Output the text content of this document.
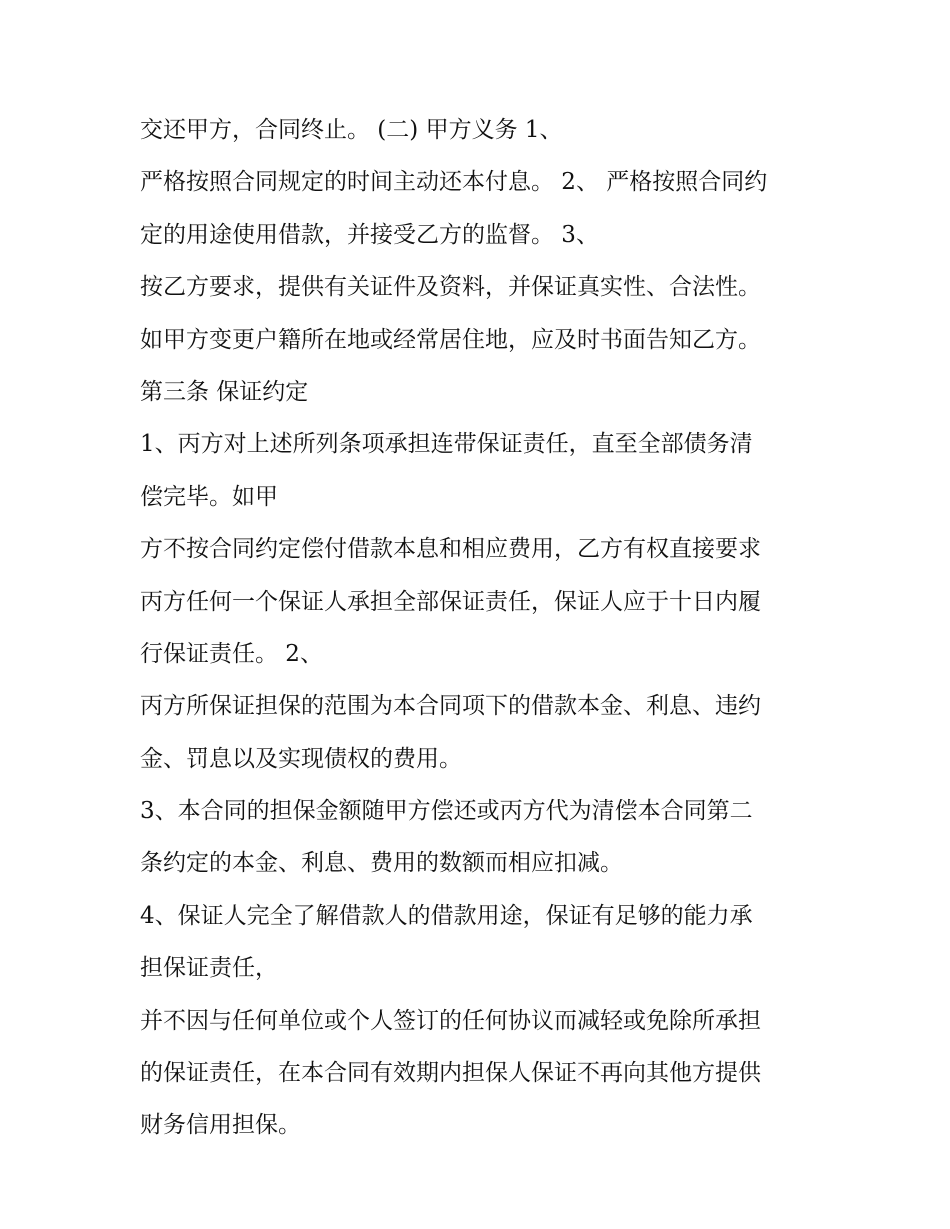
交还甲方，合同终止。 (二) 甲方义务 1、
严格按照合同规定的时间主动还本付息。 2、 严格按照合同约
定的用途使用借款，并接受乙方的监督。 3、
按乙方要求，提供有关证件及资料，并保证真实性、合法性。
如甲方变更户籍所在地或经常居住地，应及时书面告知乙方。
第三条 保证约定
1、丙方对上述所列条项承担连带保证责任，直至全部债务清
偿完毕。如甲
方不按合同约定偿付借款本息和相应费用，乙方有权直接要求
丙方任何一个保证人承担全部保证责任，保证人应于十日内履
行保证责任。 2、
丙方所保证担保的范围为本合同项下的借款本金、利息、违约
金、罚息以及实现债权的费用。
3、本合同的担保金额随甲方偿还或丙方代为清偿本合同第二
条约定的本金、利息、费用的数额而相应扣减。
4、保证人完全了解借款人的借款用途，保证有足够的能力承
担保证责任，
并不因与任何单位或个人签订的任何协议而减轻或免除所承担
的保证责任，在本合同有效期内担保人保证不再向其他方提供
财务信用担保。
